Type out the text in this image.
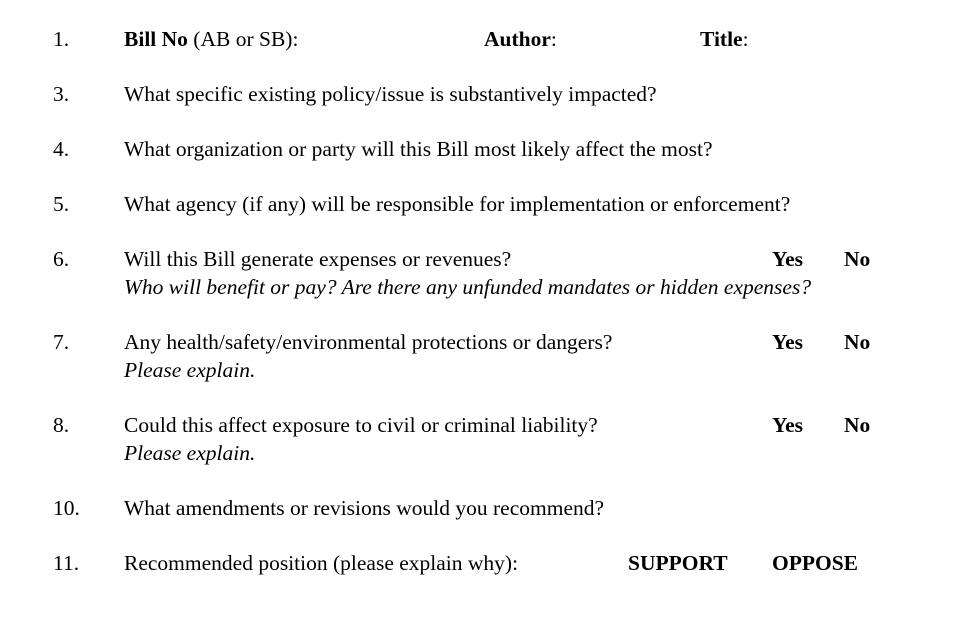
1.	Bill No (AB or SB):	Author:	Title:
3.	What specific existing policy/issue is substantively impacted?
4.	What organization or party will this Bill most likely affect the most?
5.	What agency (if any) will be responsible for implementation or enforcement?
6.	Will this Bill generate expenses or revenues?	Yes No
Who will benefit or pay? Are there any unfunded mandates or hidden expenses?
7.	Any health/safety/environmental protections or dangers?	Yes No
Please explain.
8.	Could this affect exposure to civil or criminal liability?	Yes No
Please explain.
10. What amendments or revisions would you recommend?
11. Recommended position (please explain why):	SUPPORT OPPOSE
